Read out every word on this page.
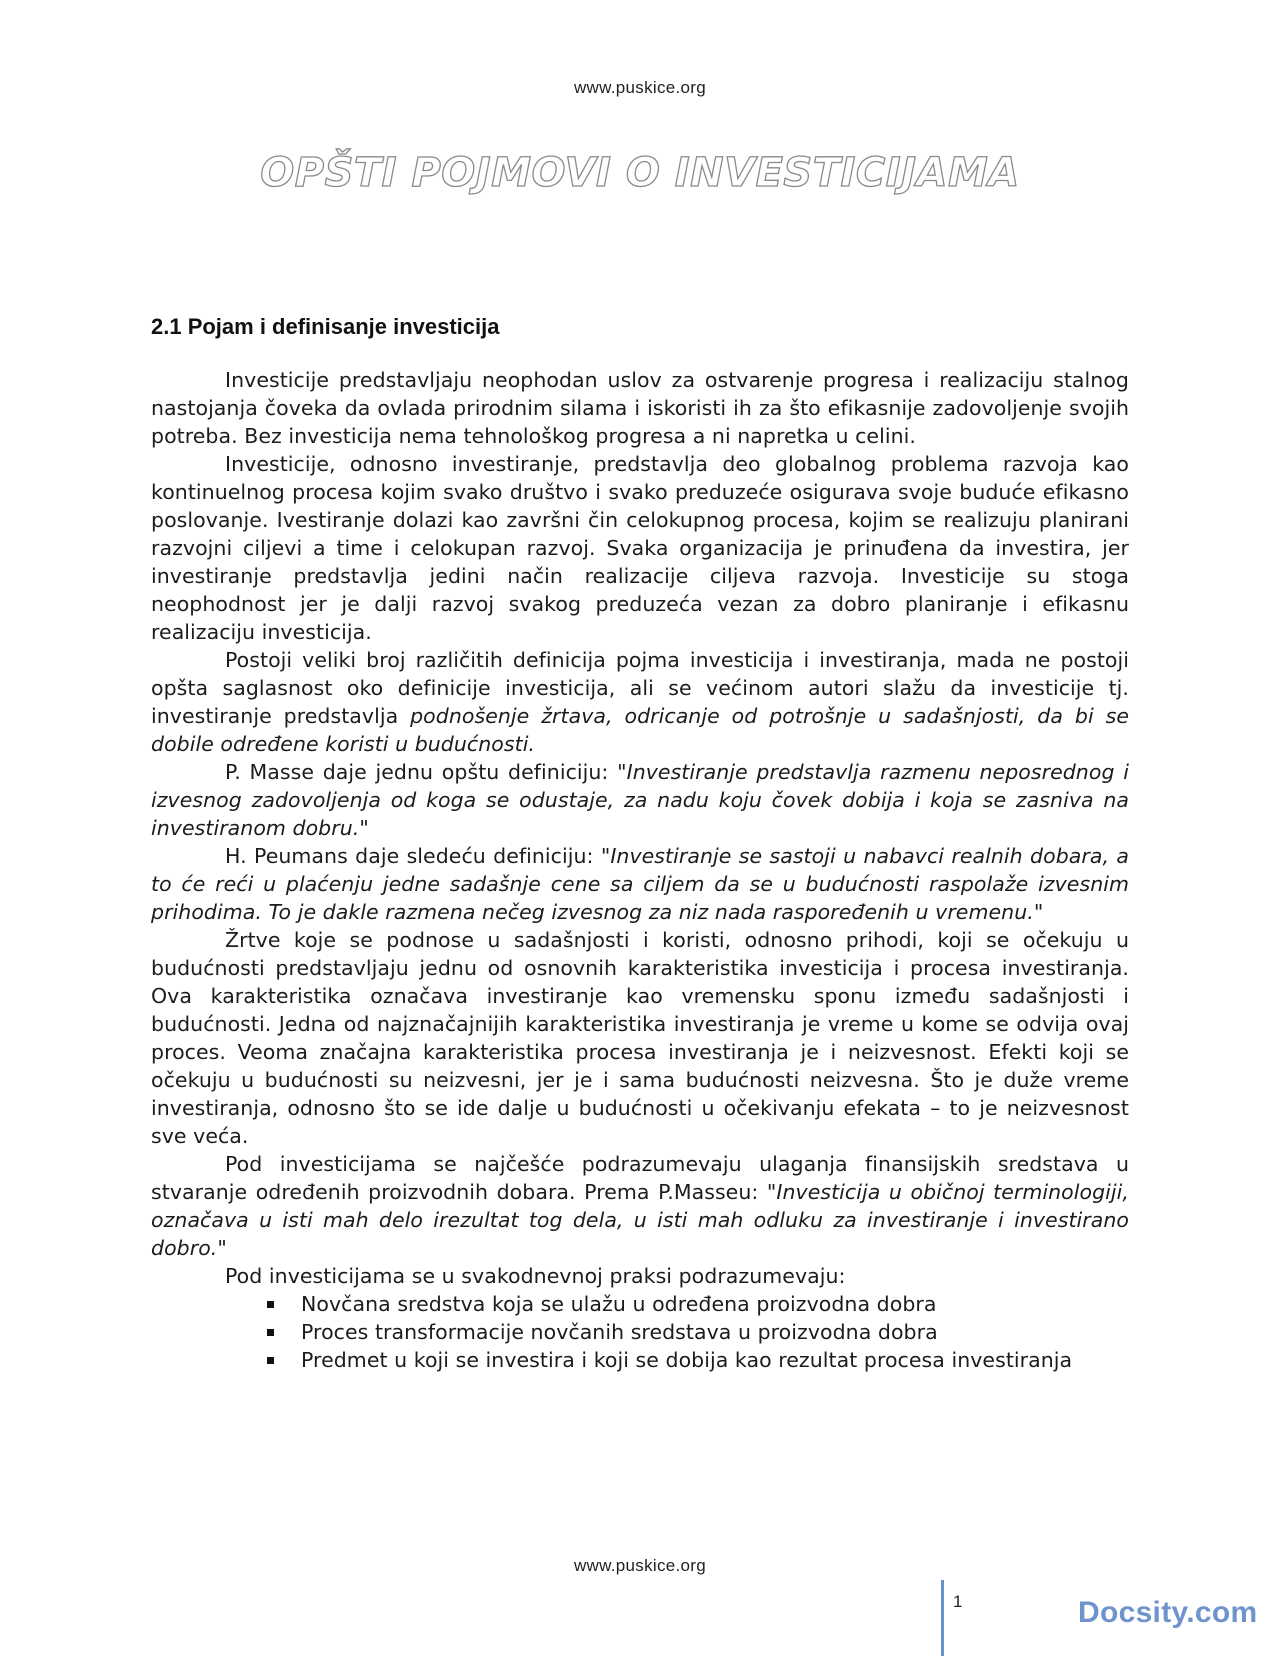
www.puskice.org
OPŠTI POJMOVI O INVESTICIJAMA
2.1 Pojam i definisanje investicija

Investicije predstavljaju neophodan uslov za ostvarenje progresa i realizaciju stalnog nastojanja čoveka da ovlada prirodnim silama i iskoristi ih za što efikasnije zadovoljenje svojih potreba. Bez investicija nema tehnološkog progresa a ni napretka u celini.

Investicije, odnosno investiranje, predstavlja deo globalnog problema razvoja kao kontinuelnog procesa kojim svako društvo i svako preduzeće osigurava svoje buduće efikasno poslovanje. Ivestiranje dolazi kao završni čin celokupnog procesa, kojim se realizuju planirani razvojni ciljevi a time i celokupan razvoj. Svaka organizacija je prinuđena da investira, jer investiranje predstavlja jedini način realizacije ciljeva razvoja. Investicije su stoga neophodnost jer je dalji razvoj svakog preduzeća vezan za dobro planiranje i efikasnu realizaciju investicija.

Postoji veliki broj različitih definicija pojma investicija i investiranja, mada ne postoji opšta saglasnost oko definicije investicija, ali se većinom autori slažu da investicije tj. investiranje predstavlja podnošenje žrtava, odricanje od potrošnje u sadašnjosti, da bi se dobile određene koristi u budućnosti.

P. Masse daje jednu opštu definiciju: "Investiranje predstavlja razmenu neposrednog i izvesnog zadovoljenja od koga se odustaje, za nadu koju čovek dobija i koja se zasniva na investiranom dobru."

H. Peumans daje sledeću definiciju: "Investiranje se sastoji u nabavci realnih dobara, a to će reći u plaćenju jedne sadašnje cene sa ciljem da se u budućnosti raspolaže izvesnim prihodima. To je dakle razmena nečeg izvesnog za niz nada raspoređenih u vremenu."

Žrtve koje se podnose u sadašnjosti i koristi, odnosno prihodi, koji se očekuju u budućnosti predstavljaju jednu od osnovnih karakteristika investicija i procesa investiranja. Ova karakteristika označava investiranje kao vremensku sponu između sadašnjosti i budućnosti. Jedna od najznačajnijih karakteristika investiranja je vreme u kome se odvija ovaj proces. Veoma značajna karakteristika procesa investiranja je i neizvesnost. Efekti koji se očekuju u budućnosti su neizvesni, jer je i sama budućnosti neizvesna. Što je duže vreme investiranja, odnosno što se ide dalje u budućnosti u očekivanju efekata – to je neizvesnost sve veća.

Pod investicijama se najčešće podrazumevaju ulaganja finansijskih sredstava u stvaranje određenih proizvodnih dobara. Prema P.Masseu: "Investicija u običnoj terminologiji, označava u isti mah delo irezultat tog dela, u isti mah odluku za investiranje i investirano dobro."

Pod investicijama se u svakodnevnoj praksi podrazumevaju:

Novčana sredstva koja se ulažu u određena proizvodna dobra
Proces transformacije novčanih sredstava u proizvodna dobra
Predmet u koji se investira i koji se dobija kao rezultat procesa investiranja
www.puskice.org
1	Docsity.com
